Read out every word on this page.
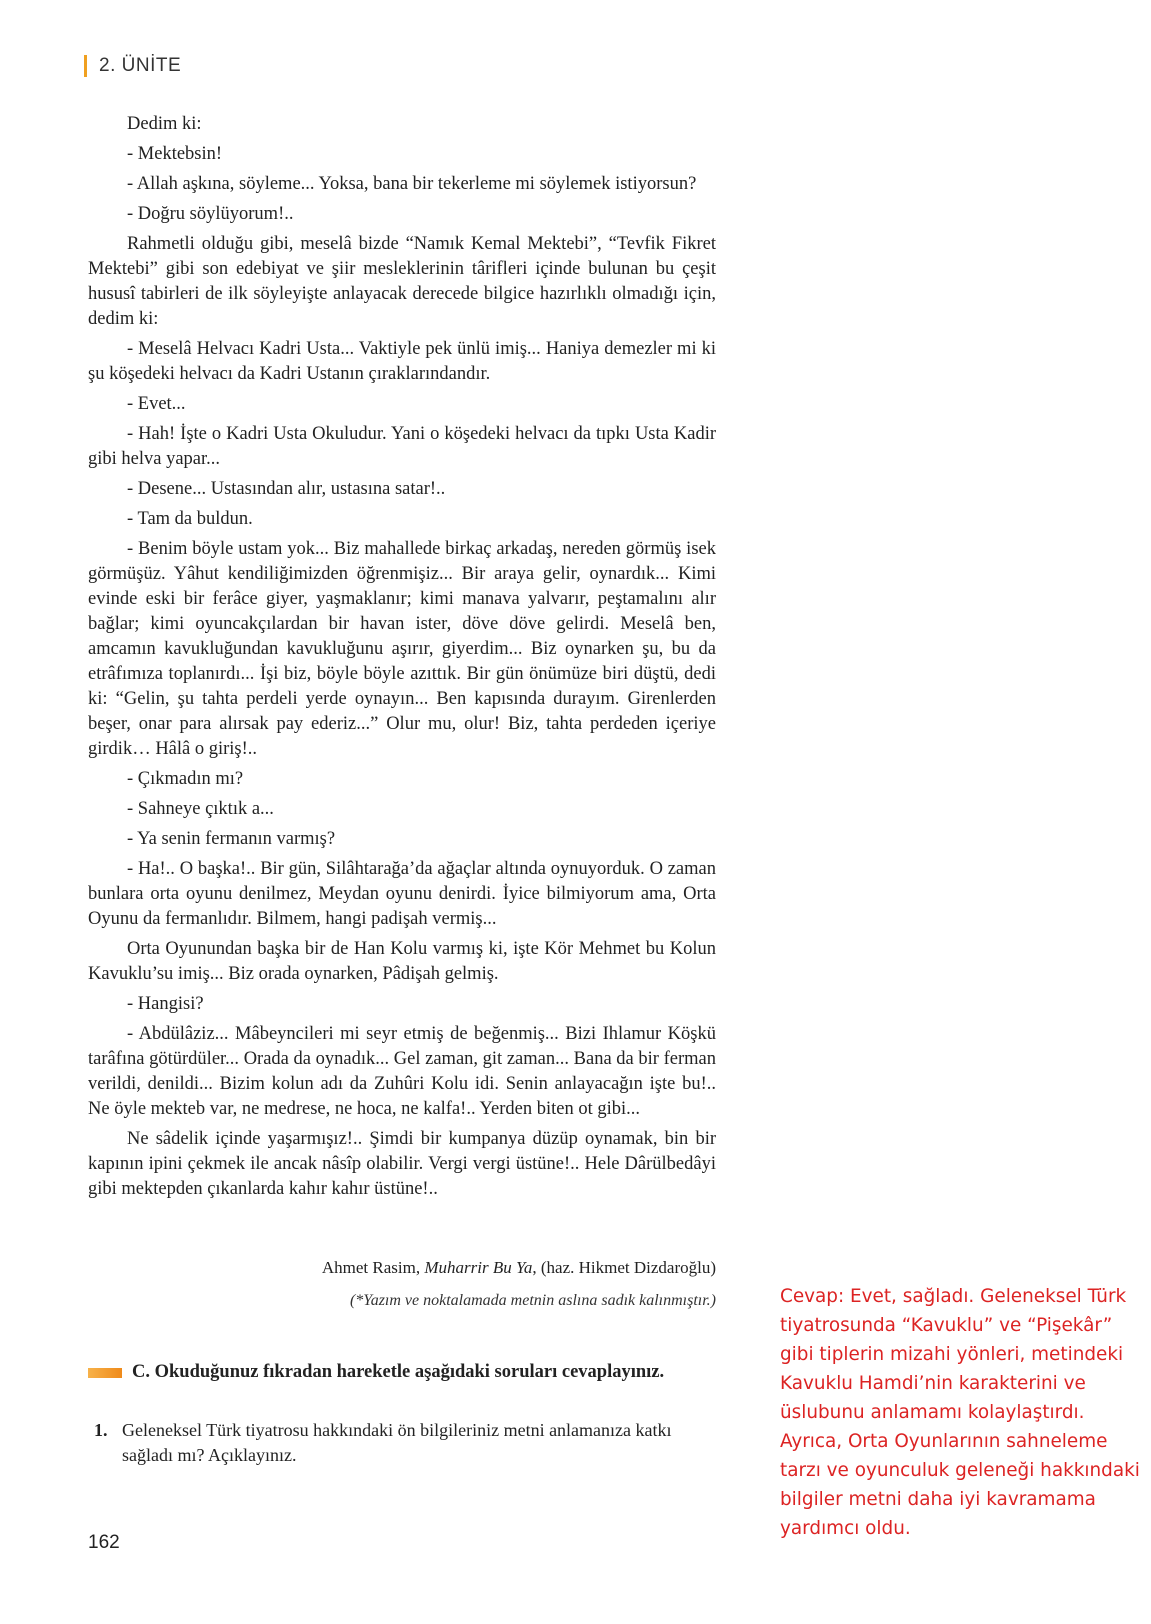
2. ÜNİTE

Dedim ki:

- Mektebsin!

- Allah aşkına, söyleme... Yoksa, bana bir tekerleme mi söylemek istiyorsun?

- Doğru söylüyorum!..

Rahmetli olduğu gibi, meselâ bizde “Namık Kemal Mektebi”, “Tevfik Fikret Mektebi” gibi son edebiyat ve şiir mesleklerinin târifleri içinde bulunan bu çeşit hususî tabirleri de ilk söyleyişte anlayacak derecede bilgice hazırlıklı olmadığı için, dedim ki:

- Meselâ Helvacı Kadri Usta... Vaktiyle pek ünlü imiş... Haniya demezler mi ki şu köşedeki helvacı da Kadri Ustanın çıraklarındandır.

- Evet...

- Hah! İşte o Kadri Usta Okuludur. Yani o köşedeki helvacı da tıpkı Usta Kadir gibi helva yapar...

- Desene... Ustasından alır, ustasına satar!..

- Tam da buldun.

- Benim böyle ustam yok... Biz mahallede birkaç arkadaş, nereden görmüş isek görmüşüz. Yâhut kendiliğimizden öğrenmişiz... Bir araya gelir, oynardık... Kimi evinde eski bir ferâce giyer, yaşmaklanır; kimi manava yalvarır, peştamalını alır bağlar; kimi oyuncakçılardan bir havan ister, döve döve gelirdi. Meselâ ben, amcamın kavukluğundan kavukluğunu aşırır, giyerdim... Biz oynarken şu, bu da etrâfımıza toplanırdı... İşi biz, böyle böyle azıttık. Bir gün önümüze biri düştü, dedi ki: “Gelin, şu tahta perdeli yerde oynayın... Ben kapısında durayım. Girenlerden beşer, onar para alırsak pay ederiz...” Olur mu, olur! Biz, tahta perdeden içeriye girdik… Hâlâ o giriş!..

- Çıkmadın mı?

- Sahneye çıktık a...

- Ya senin fermanın varmış?

- Ha!.. O başka!.. Bir gün, Silâhtarağa’da ağaçlar altında oynuyorduk. O zaman bunlara orta oyunu denilmez, Meydan oyunu denirdi. İyice bilmiyorum ama, Orta Oyunu da fermanlıdır. Bilmem, hangi padişah vermiş...

Orta Oyunundan başka bir de Han Kolu varmış ki, işte Kör Mehmet bu Kolun Kavuklu’su imiş... Biz orada oynarken, Pâdişah gelmiş.

- Hangisi?

- Abdülâziz... Mâbeyncileri mi seyr etmiş de beğenmiş... Bizi Ihlamur Köşkü tarâfına götürdüler... Orada da oynadık... Gel zaman, git zaman... Bana da bir ferman verildi, denildi... Bizim kolun adı da Zuhûri Kolu idi. Senin anlayacağın işte bu!.. Ne öyle mekteb var, ne medrese, ne hoca, ne kalfa!.. Yerden biten ot gibi...

Ne sâdelik içinde yaşarmışız!.. Şimdi bir kumpanya düzüp oynamak, bin bir kapının ipini çekmek ile ancak nâsîp olabilir. Vergi vergi üstüne!.. Hele Dârülbedâyi gibi mektepden çıkanlarda kahır kahır üstüne!..

Ahmet Rasim, Muharrir Bu Ya, (haz. Hikmet Dizdaroğlu)
(*Yazım ve noktalamada metnin aslına sadık kalınmıştır.)
C. Okuduğunuz fıkradan hareketle aşağıdaki soruları cevaplayınız.
1. Geleneksel Türk tiyatrosu hakkındaki ön bilgileriniz metni anlamanıza katkı sağladı mı? Açıklayınız.
162
Cevap: Evet, sağladı. Geleneksel Türk tiyatrosunda “Kavuklu” ve “Pişekâr” gibi tiplerin mizahi yönleri, metindeki Kavuklu Hamdi’nin karakterini ve üslubunu anlamamı kolaylaştırdı. Ayrıca, Orta Oyunlarının sahneleme tarzı ve oyunculuk geleneği hakkındaki bilgiler metni daha iyi kavramama yardımcı oldu.
